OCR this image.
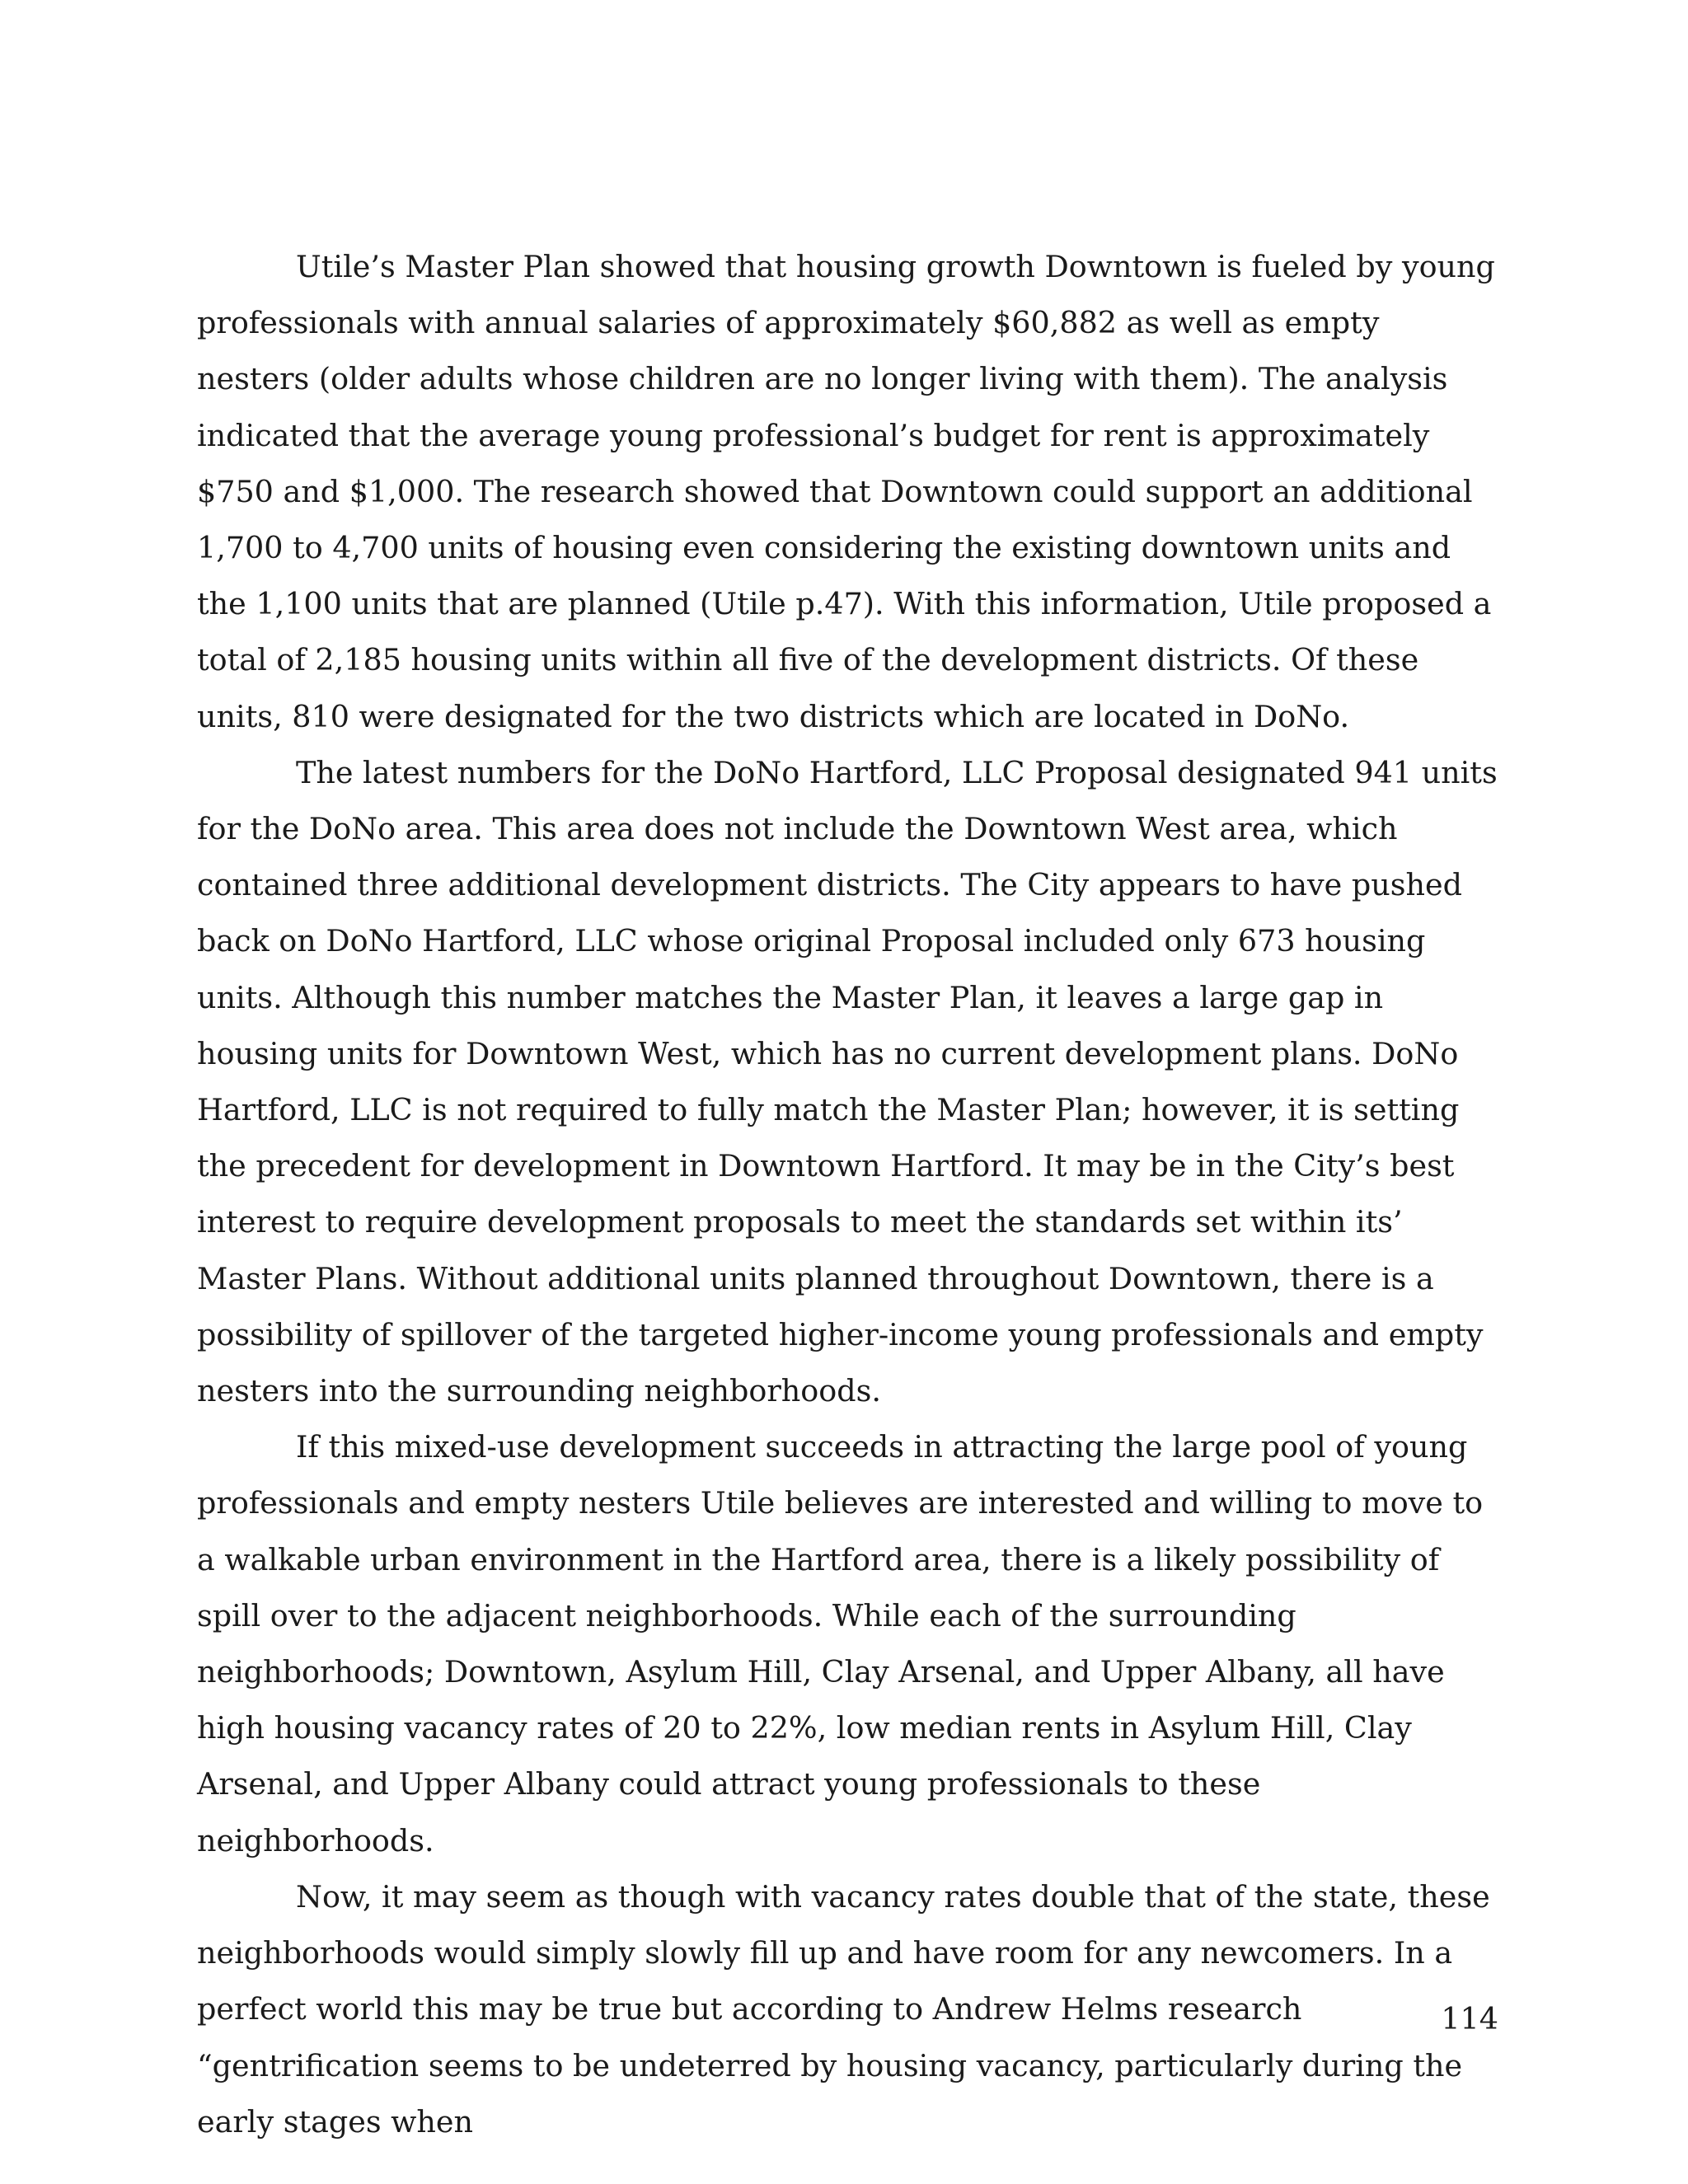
Utile’s Master Plan showed that housing growth Downtown is fueled by young professionals with annual salaries of approximately $60,882 as well as empty nesters (older adults whose children are no longer living with them). The analysis indicated that the average young professional’s budget for rent is approximately $750 and $1,000. The research showed that Downtown could support an additional 1,700 to 4,700 units of housing even considering the existing downtown units and the 1,100 units that are planned (Utile p.47). With this information, Utile proposed a total of 2,185 housing units within all five of the development districts. Of these units, 810 were designated for the two districts which are located in DoNo.

The latest numbers for the DoNo Hartford, LLC Proposal designated 941 units for the DoNo area. This area does not include the Downtown West area, which contained three additional development districts. The City appears to have pushed back on DoNo Hartford, LLC whose original Proposal included only 673 housing units. Although this number matches the Master Plan, it leaves a large gap in housing units for Downtown West, which has no current development plans. DoNo Hartford, LLC is not required to fully match the Master Plan; however, it is setting the precedent for development in Downtown Hartford. It may be in the City’s best interest to require development proposals to meet the standards set within its’ Master Plans. Without additional units planned throughout Downtown, there is a possibility of spillover of the targeted higher-income young professionals and empty nesters into the surrounding neighborhoods.

If this mixed-use development succeeds in attracting the large pool of young professionals and empty nesters Utile believes are interested and willing to move to a walkable urban environment in the Hartford area, there is a likely possibility of spill over to the adjacent neighborhoods. While each of the surrounding neighborhoods; Downtown, Asylum Hill, Clay Arsenal, and Upper Albany, all have high housing vacancy rates of 20 to 22%, low median rents in Asylum Hill, Clay Arsenal, and Upper Albany could attract young professionals to these neighborhoods.

Now, it may seem as though with vacancy rates double that of the state, these neighborhoods would simply slowly fill up and have room for any newcomers. In a perfect world this may be true but according to Andrew Helms research “gentrification seems to be undeterred by housing vacancy, particularly during the early stages when

114
